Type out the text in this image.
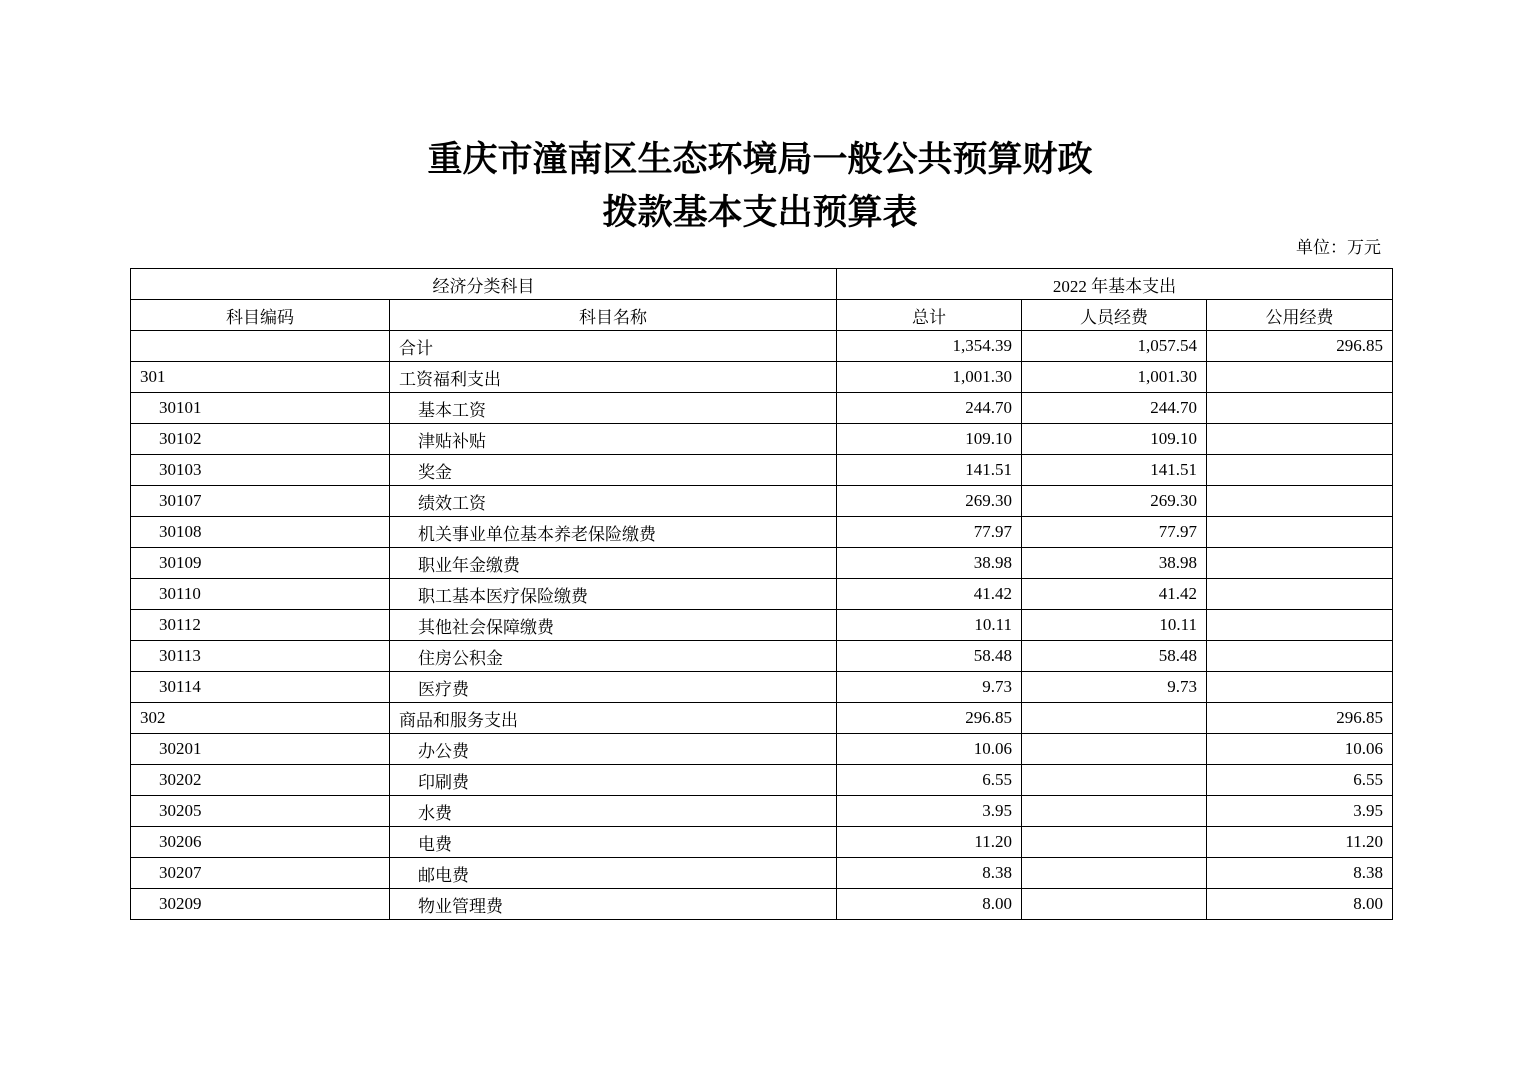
重庆市潼南区生态环境局一般公共预算财政
拨款基本支出预算表
单位：万元
经济分类科目		2022 年基本支出		
科目编码	科目名称	总计	人员经费	公用经费
	合计	1,354.39	1,057.54	296.85
301	工资福利支出	1,001.30	1,001.30	
30101	基本工资	244.70	244.70	
30102	津贴补贴	109.10	109.10	
30103	奖金	141.51	141.51	
30107	绩效工资	269.30	269.30	
30108	机关事业单位基本养老保险缴费	77.97	77.97	
30109	职业年金缴费	38.98	38.98	
30110	职工基本医疗保险缴费	41.42	41.42	
30112	其他社会保障缴费	10.11	10.11	
30113	住房公积金	58.48	58.48	
30114	医疗费	9.73	9.73	
302	商品和服务支出	296.85		296.85
30201	办公费	10.06		10.06
30202	印刷费	6.55		6.55
30205	水费	3.95		3.95
30206	电费	11.20		11.20
30207	邮电费	8.38		8.38
30209	物业管理费	8.00		8.00
